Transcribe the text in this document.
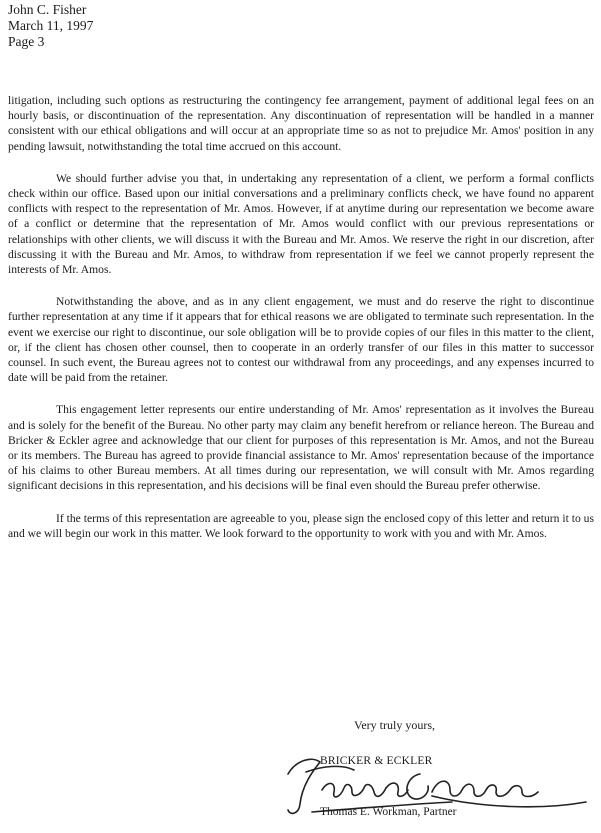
John C. Fisher
March 11, 1997
Page 3

litigation, including such options as restructuring the contingency fee arrangement, payment of additional legal fees on an hourly basis, or discontinuation of the representation. Any discontinuation of representation will be handled in a manner consistent with our ethical obligations and will occur at an appropriate time so as not to prejudice Mr. Amos' position in any pending lawsuit, notwithstanding the total time accrued on this account.

We should further advise you that, in undertaking any representation of a client, we perform a formal conflicts check within our office. Based upon our initial conversations and a preliminary conflicts check, we have found no apparent conflicts with respect to the representation of Mr. Amos. However, if at anytime during our representation we become aware of a conflict or determine that the representation of Mr. Amos would conflict with our previous representations or relationships with other clients, we will discuss it with the Bureau and Mr. Amos. We reserve the right in our discretion, after discussing it with the Bureau and Mr. Amos, to withdraw from representation if we feel we cannot properly represent the interests of Mr. Amos.

Notwithstanding the above, and as in any client engagement, we must and do reserve the right to discontinue further representation at any time if it appears that for ethical reasons we are obligated to terminate such representation. In the event we exercise our right to discontinue, our sole obligation will be to provide copies of our files in this matter to the client, or, if the client has chosen other counsel, then to cooperate in an orderly transfer of our files in this matter to successor counsel. In such event, the Bureau agrees not to contest our withdrawal from any proceedings, and any expenses incurred to date will be paid from the retainer.

This engagement letter represents our entire understanding of Mr. Amos' representation as it involves the Bureau and is solely for the benefit of the Bureau. No other party may claim any benefit herefrom or reliance hereon. The Bureau and Bricker & Eckler agree and acknowledge that our client for purposes of this representation is Mr. Amos, and not the Bureau or its members. The Bureau has agreed to provide financial assistance to Mr. Amos' representation because of the importance of his claims to other Bureau members. At all times during our representation, we will consult with Mr. Amos regarding significant decisions in this representation, and his decisions will be final even should the Bureau prefer otherwise.

If the terms of this representation are agreeable to you, please sign the enclosed copy of this letter and return it to us and we will begin our work in this matter. We look forward to the opportunity to work with you and with Mr. Amos.

Very truly yours,
BRICKER & ECKLER
Thomas E. Workman, Partner
